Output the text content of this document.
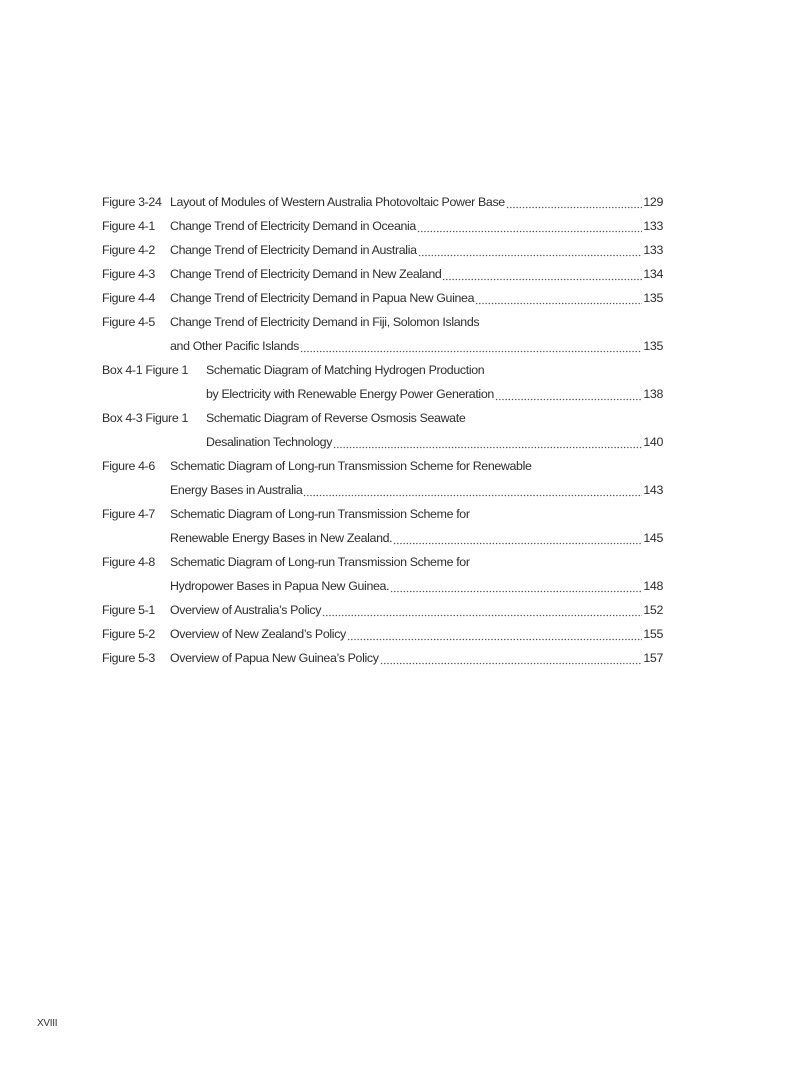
Figure 3-24 Layout of Modules of Western Australia Photovoltaic Power Base	129
Figure 4-1	Change Trend of Electricity Demand in Oceania	133
Figure 4-2	Change Trend of Electricity Demand in Australia	133
Figure 4-3	Change Trend of Electricity Demand in New Zealand	134
Figure 4-4	Change Trend of Electricity Demand in Papua New Guinea	135
Figure 4-5	Change Trend of Electricity Demand in Fiji, Solomon Islands
and Other Pacific Islands	135
Box 4-1 Figure 1	Schematic Diagram of Matching Hydrogen Production
by Electricity with Renewable Energy Power Generation	138
Box 4-3 Figure 1	Schematic Diagram of Reverse Osmosis Seawate
Desalination Technology	140
Figure 4-6	Schematic Diagram of Long-run Transmission Scheme for Renewable
Energy Bases in Australia	143
Figure 4-7	Schematic Diagram of Long-run Transmission Scheme for
Renewable Energy Bases in New Zealand.	145
Figure 4-8	Schematic Diagram of Long-run Transmission Scheme for
Hydropower Bases in Papua New Guinea.	148
Figure 5-1	Overview of Australia’s Policy	152
Figure 5-2	Overview of New Zealand’s Policy	155
Figure 5-3	Overview of Papua New Guinea’s Policy	157
XVIII
